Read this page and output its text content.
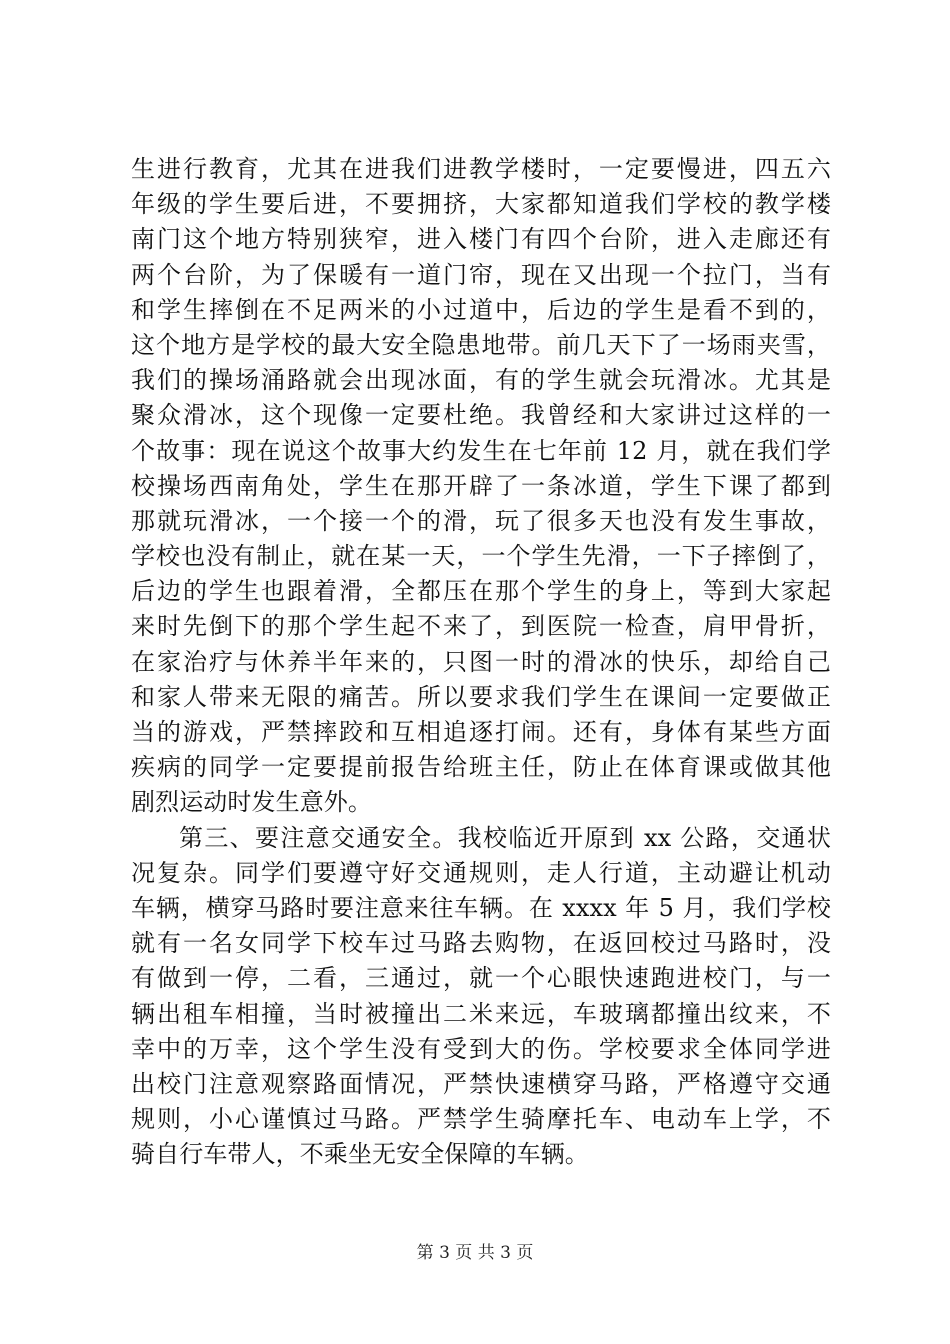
生进行教育，尤其在进我们进教学楼时，一定要慢进，四五六
年级的学生要后进，不要拥挤，大家都知道我们学校的教学楼
南门这个地方特别狭窄，进入楼门有四个台阶，进入走廊还有
两个台阶，为了保暖有一道门帘，现在又出现一个拉门，当有
和学生摔倒在不足两米的小过道中，后边的学生是看不到的，
这个地方是学校的最大安全隐患地带。前几天下了一场雨夹雪，
我们的操场涌路就会出现冰面，有的学生就会玩滑冰。尤其是
聚众滑冰，这个现像一定要杜绝。我曾经和大家讲过这样的一
个故事：现在说这个故事大约发生在七年前 12 月，就在我们学
校操场西南角处，学生在那开辟了一条冰道，学生下课了都到
那就玩滑冰，一个接一个的滑，玩了很多天也没有发生事故，
学校也没有制止，就在某一天，一个学生先滑，一下子摔倒了，
后边的学生也跟着滑，全都压在那个学生的身上，等到大家起
来时先倒下的那个学生起不来了，到医院一检查，肩甲骨折，
在家治疗与休养半年来的，只图一时的滑冰的快乐，却给自己
和家人带来无限的痛苦。所以要求我们学生在课间一定要做正
当的游戏，严禁摔跤和互相追逐打闹。还有，身体有某些方面
疾病的同学一定要提前报告给班主任，防止在体育课或做其他
剧烈运动时发生意外。
第三、要注意交通安全。我校临近开原到 xx 公路，交通状
况复杂。同学们要遵守好交通规则，走人行道，主动避让机动
车辆，横穿马路时要注意来往车辆。在 xxxx 年 5 月，我们学校
就有一名女同学下校车过马路去购物，在返回校过马路时，没
有做到一停，二看，三通过，就一个心眼快速跑进校门，与一
辆出租车相撞，当时被撞出二米来远，车玻璃都撞出纹来，不
幸中的万幸，这个学生没有受到大的伤。学校要求全体同学进
出校门注意观察路面情况，严禁快速横穿马路，严格遵守交通
规则，小心谨慎过马路。严禁学生骑摩托车、电动车上学，不
骑自行车带人，不乘坐无安全保障的车辆。
第 3 页 共 3 页
